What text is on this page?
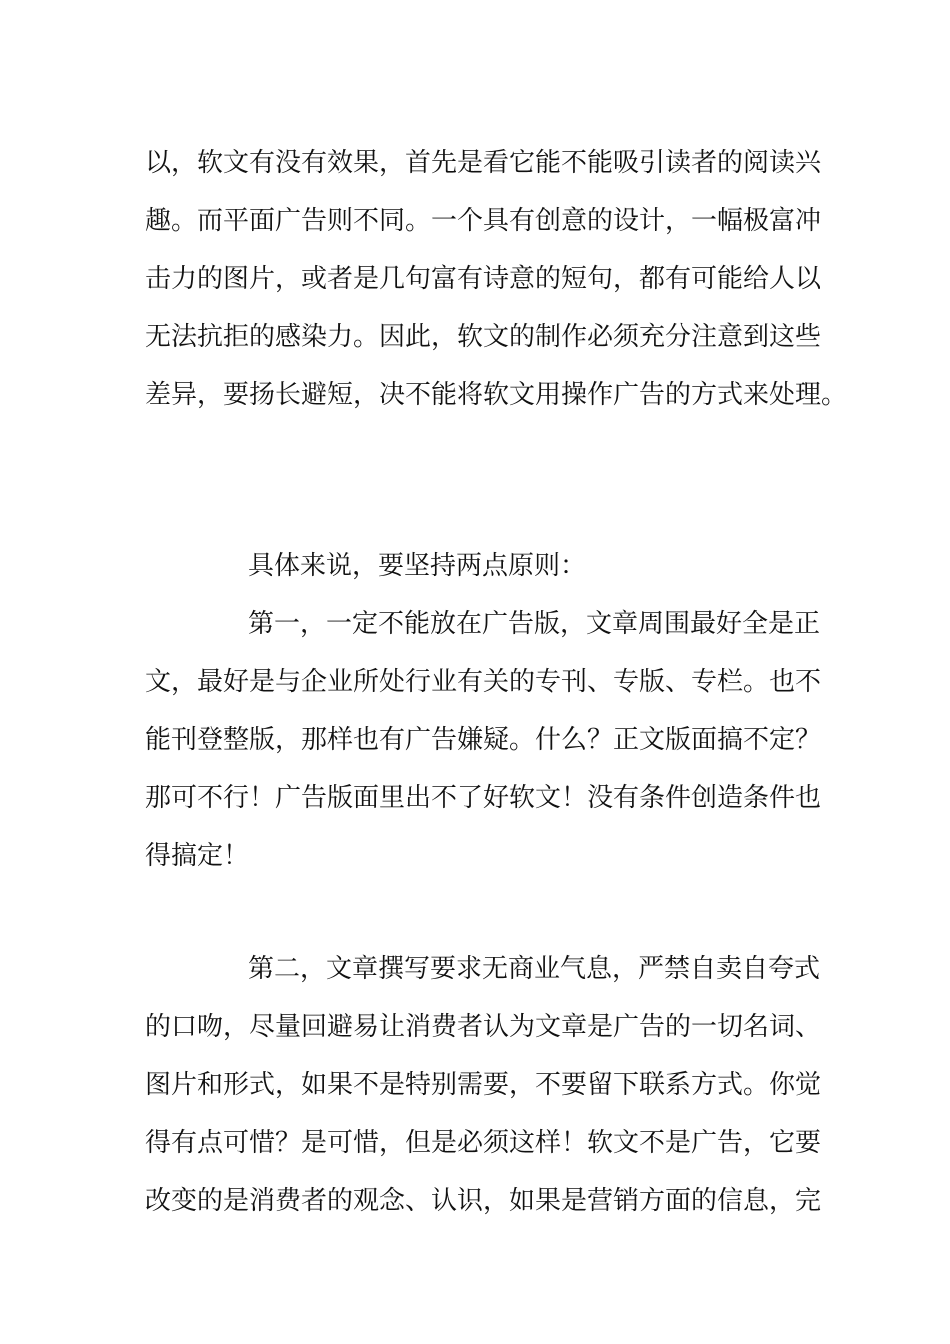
以，软文有没有效果，首先是看它能不能吸引读者的阅读兴
趣。而平面广告则不同。一个具有创意的设计，一幅极富冲
击力的图片，或者是几句富有诗意的短句，都有可能给人以
无法抗拒的感染力。因此，软文的制作必须充分注意到这些
差异，要扬长避短，决不能将软文用操作广告的方式来处理。
具体来说，要坚持两点原则：
第一，一定不能放在广告版，文章周围最好全是正
文，最好是与企业所处行业有关的专刊、专版、专栏。也不
能刊登整版，那样也有广告嫌疑。什么？正文版面搞不定？
那可不行！广告版面里出不了好软文！没有条件创造条件也
得搞定！
第二，文章撰写要求无商业气息，严禁自卖自夸式
的口吻，尽量回避易让消费者认为文章是广告的一切名词、
图片和形式，如果不是特别需要，不要留下联系方式。你觉
得有点可惜？是可惜，但是必须这样！软文不是广告，它要
改变的是消费者的观念、认识，如果是营销方面的信息，完
